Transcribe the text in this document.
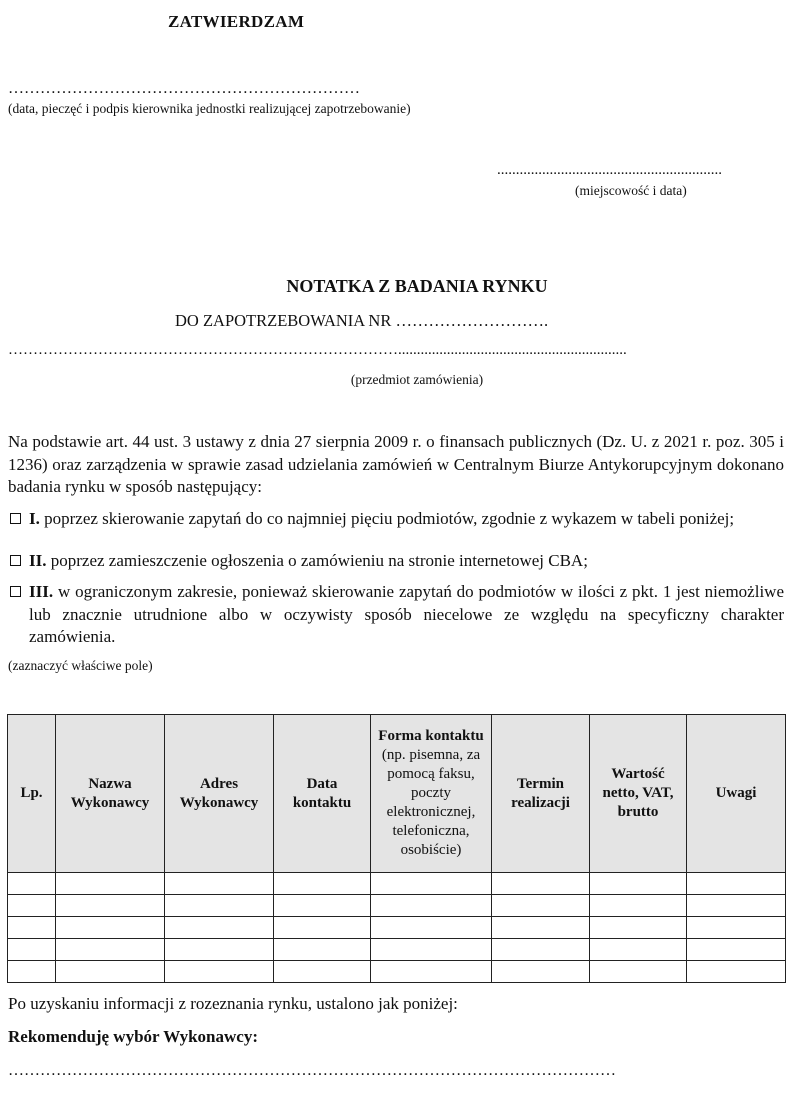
ZATWIERDZAM
…………………………………………………………
(data, pieczęć i podpis kierownika jednostki realizującej zapotrzebowanie)
............................................................
(miejscowość i data)
NOTATKA Z BADANIA RYNKU
DO ZAPOTRZEBOWANIA NR ……………………….
…………………………………………………………………….............................................................
(przedmiot zamówienia)
Na podstawie art. 44 ust. 3 ustawy z dnia 27 sierpnia 2009 r. o finansach publicznych (Dz. U. z 2021 r. poz. 305 i 1236) oraz zarządzenia w sprawie zasad udzielania zamówień w Centralnym Biurze Antykorupcyjnym dokonano badania rynku w sposób następujący:
I. poprzez skierowanie zapytań do co najmniej pięciu podmiotów, zgodnie z wykazem w tabeli poniżej;
II. poprzez zamieszczenie ogłoszenia o zamówieniu na stronie internetowej CBA;
III. w ograniczonym zakresie, ponieważ skierowanie zapytań do podmiotów w ilości z pkt. 1 jest niemożliwe lub znacznie utrudnione albo w oczywisty sposób niecelowe ze względu na specyficzny charakter zamówienia.
(zaznaczyć właściwe pole)
Lp.	Nazwa Wykonawcy	Adres Wykonawcy	Data kontaktu	Forma kontaktu
(np. pisemna, za pomocą faksu, poczty elektronicznej, telefoniczna, osobiście)	Termin realizacji	Wartość netto, VAT, brutto	Uwagi

Po uzyskaniu informacji z rozeznania rynku, ustalono jak poniżej:
Rekomenduję wybór Wykonawcy:
……………………………………………………………………………………………………
